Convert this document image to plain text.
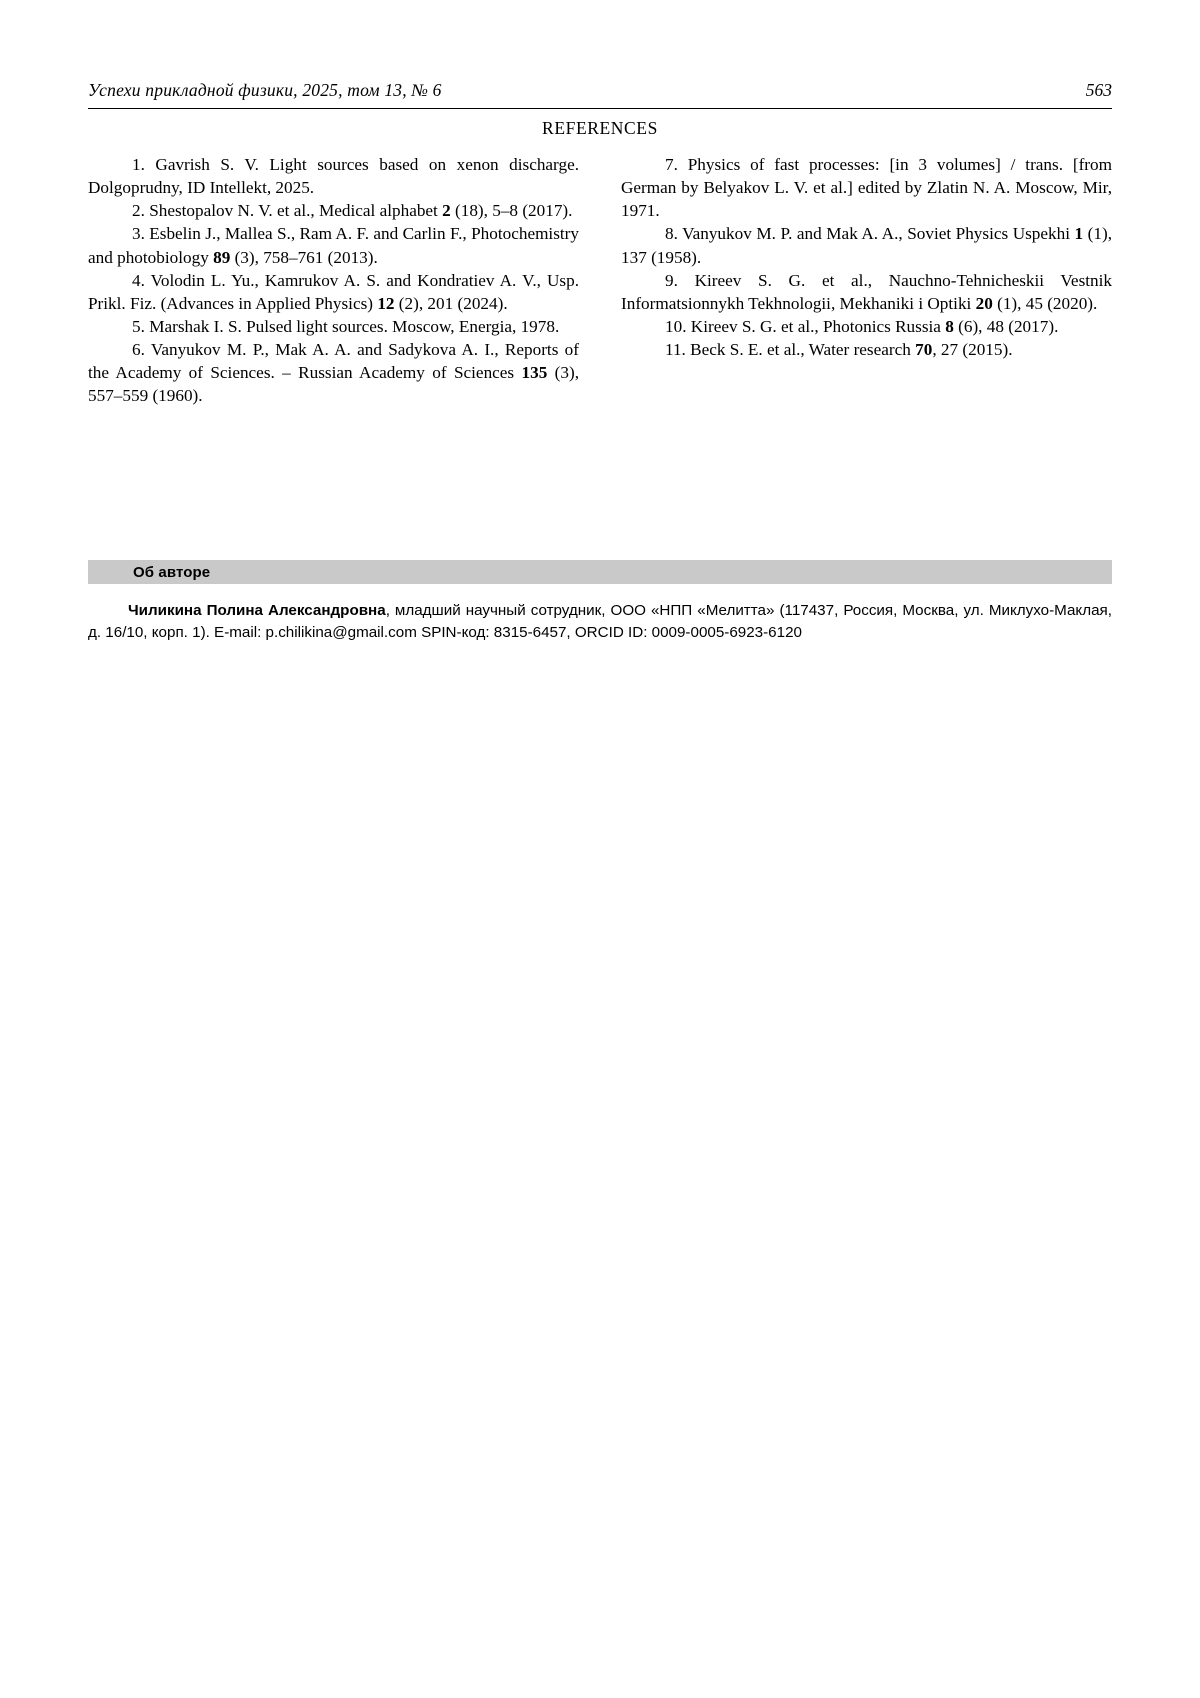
Успехи прикладной физики, 2025, том 13, № 6	563
REFERENCES

1. Gavrish S. V. Light sources based on xenon discharge. Dolgoprudny, ID Intellekt, 2025.

2. Shestopalov N. V. et al., Medical alphabet 2 (18), 5–8 (2017).

3. Esbelin J., Mallea S., Ram A. F. and Carlin F., Photochemistry and photobiology 89 (3), 758–761 (2013).

4. Volodin L. Yu., Kamrukov A. S. and Kondratiev A. V., Usp. Prikl. Fiz. (Advances in Applied Physics) 12 (2), 201 (2024).

5. Marshak I. S. Pulsed light sources. Moscow, Energia, 1978.

6. Vanyukov M. P., Mak A. A. and Sadykova A. I., Reports of the Academy of Sciences. – Russian Academy of Sciences 135 (3), 557–559 (1960).

7. Physics of fast processes: [in 3 volumes] / trans. [from German by Belyakov L. V. et al.] edited by Zlatin N. A. Moscow, Mir, 1971.

8. Vanyukov M. P. and Mak A. A., Soviet Physics Uspekhi 1 (1), 137 (1958).

9. Kireev S. G. et al., Nauchno-Tehnicheskii Vestnik Informatsionnykh Tekhnologii, Mekhaniki i Optiki 20 (1), 45 (2020).

10. Kireev S. G. et al., Photonics Russia 8 (6), 48 (2017).

11. Beck S. E. et al., Water research 70, 27 (2015).

Об авторе
Чиликина Полина Александровна, младший научный сотрудник, ООО «НПП «Мелитта» (117437, Россия, Москва, ул. Миклухо-Маклая, д. 16/10, корп. 1). E-mail: p.chilikina@gmail.com SPIN-код: 8315-6457, ORCID ID: 0009-0005-6923-6120
